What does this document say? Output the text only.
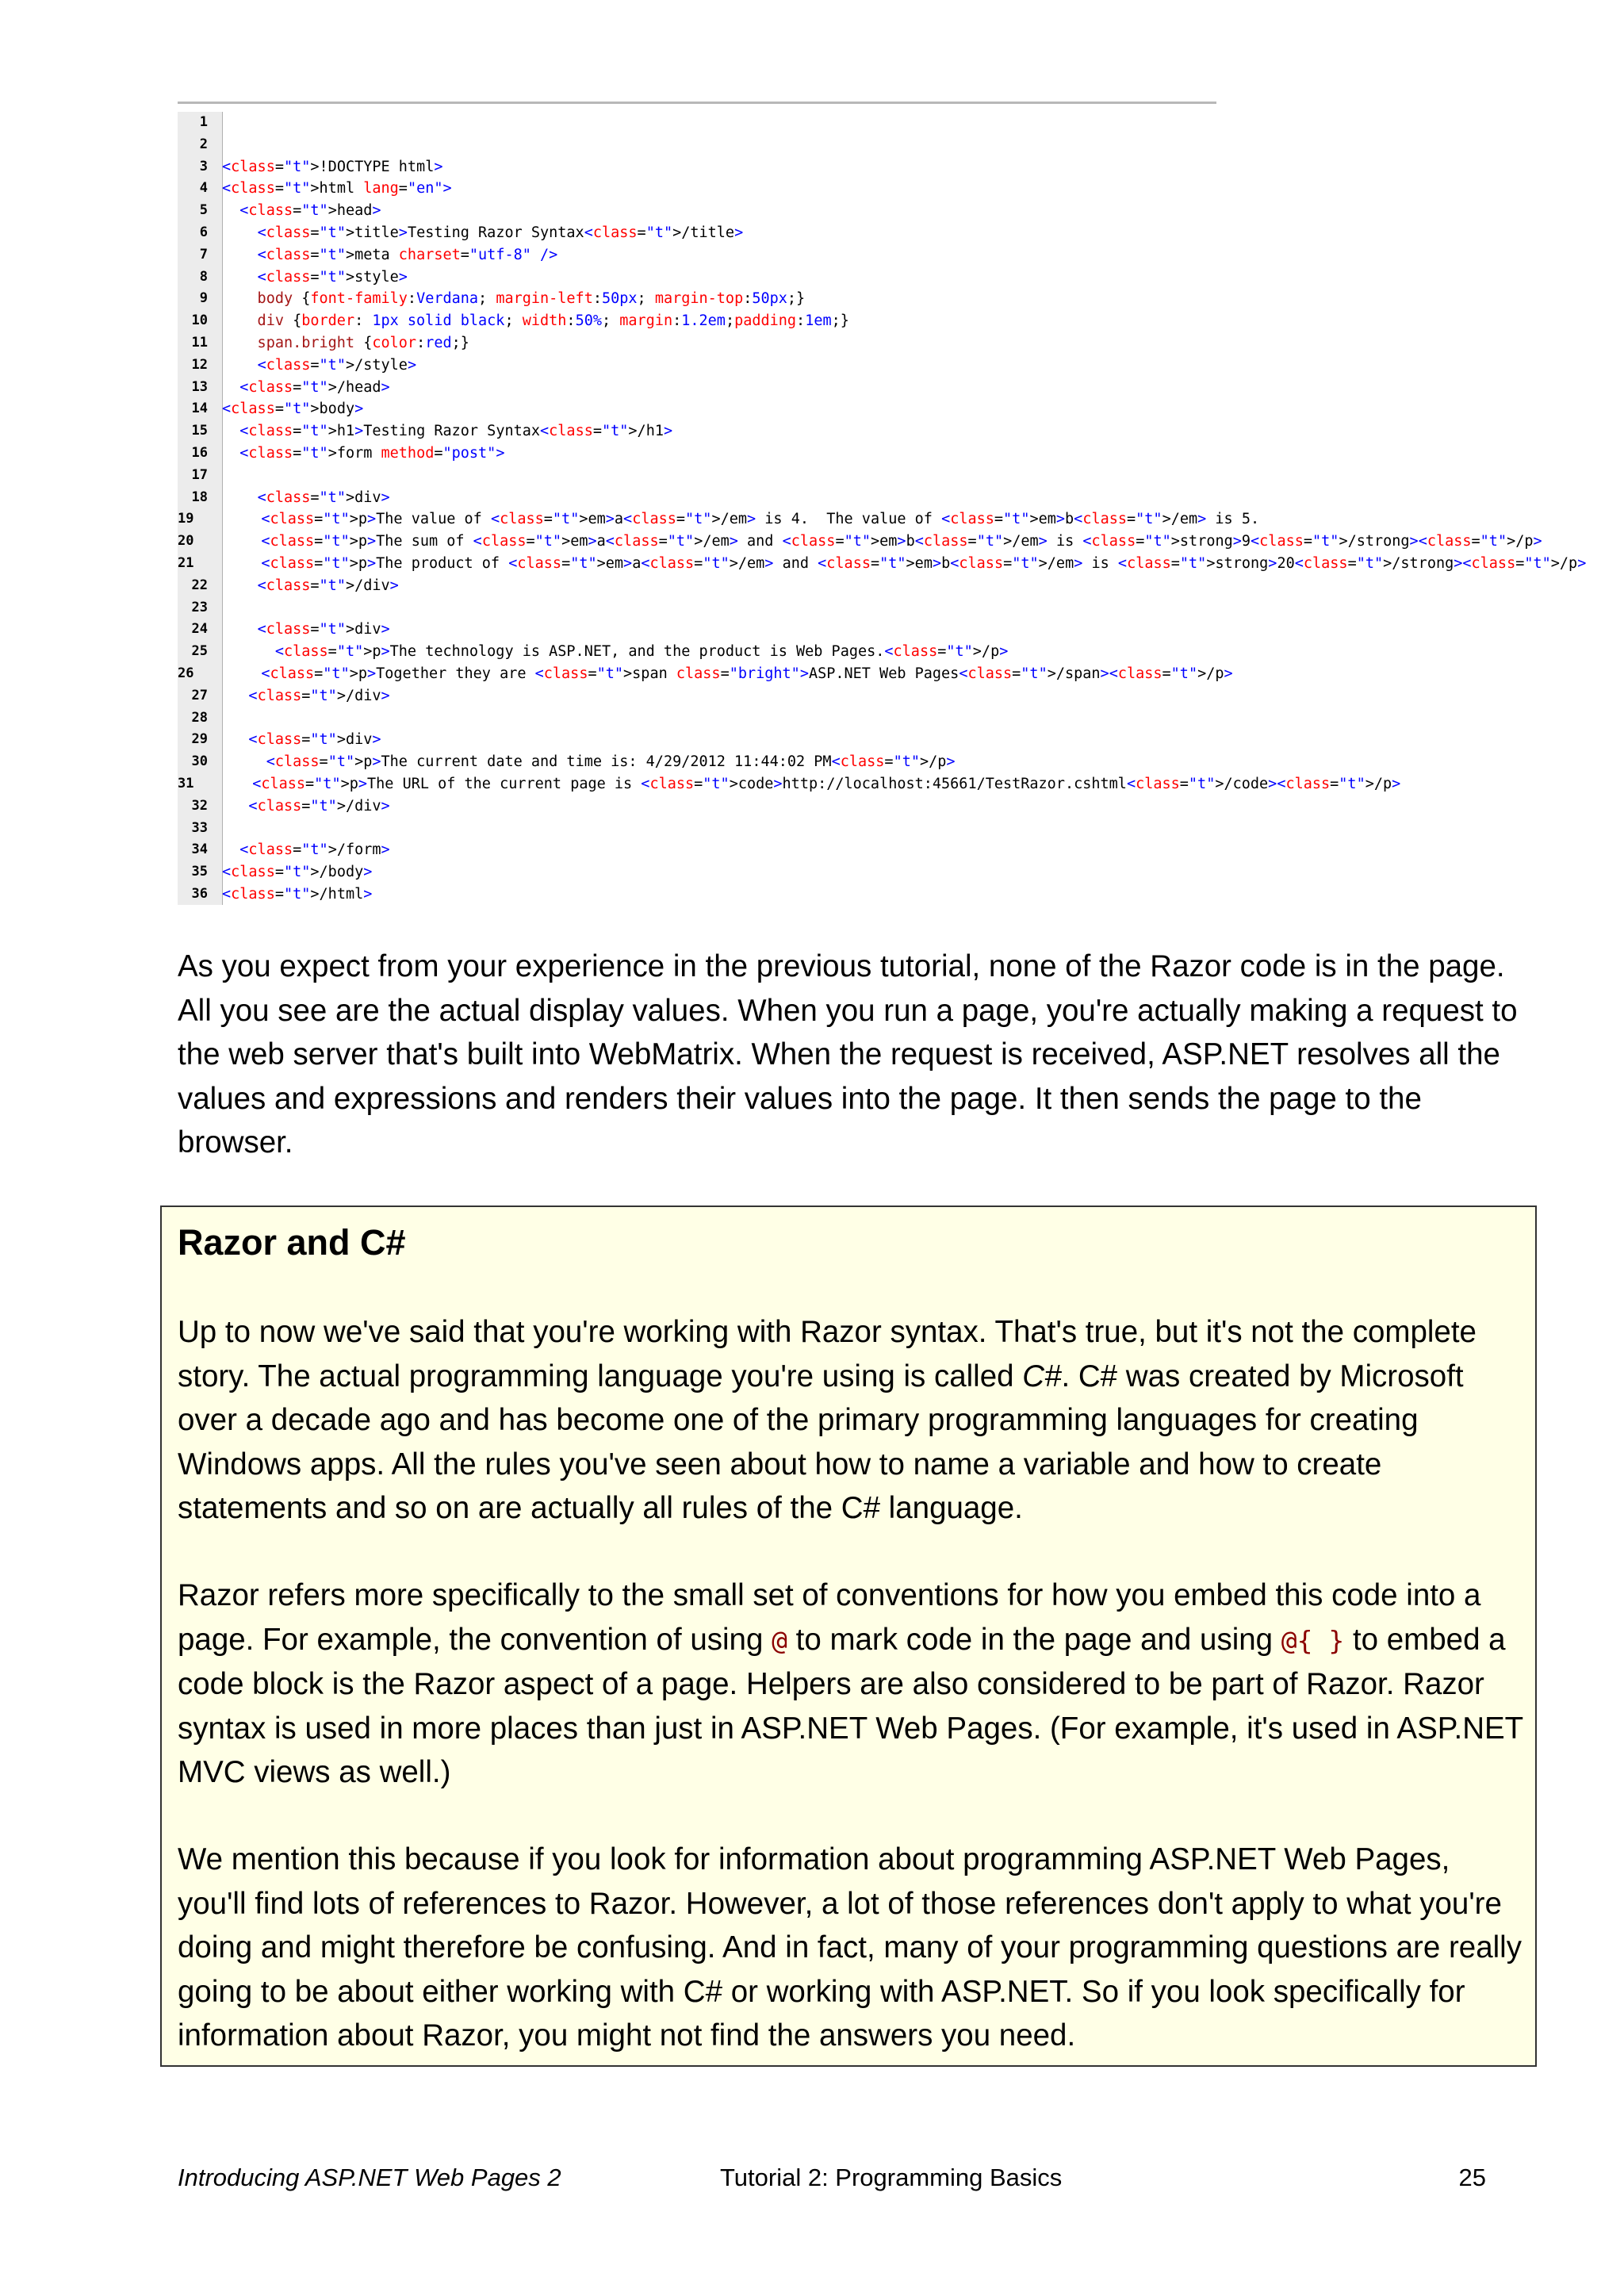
1
2
3 <class="t">!DOCTYPE html>
4 <class="t">html lang="en">
5	<class="t">head>
6	<class="t">title>Testing Razor Syntax<class="t">/title>
7	<class="t">meta charset="utf-8" />
8	<class="t">style>
9 body {font-family:Verdana; margin-left:50px; margin-top:50px;}
10 div {border: 1px solid black; width:50%; margin:1.2em;padding:1em;}
11 span.bright {color:red;}
12	<class="t">/style>
13	<class="t">/head>
14 <class="t">body>
15	<class="t">h1>Testing Razor Syntax<class="t">/h1>
16	<class="t">form method="post">
17
18	<class="t">div>
19	<class="t">p>The value of <class="t">em>a<class="t">/em> is 4.  The value of <class="t">em>b<class="t">/em> is 5.
20	<class="t">p>The sum of <class="t">em>a<class="t">/em> and <class="t">em>b<class="t">/em> is <class="t">strong>9<class="t">/strong><class="t">/p>
21	<class="t">p>The product of <class="t">em>a<class="t">/em> and <class="t">em>b<class="t">/em> is <class="t">strong>20<class="t">/strong><class="t">/p>
22	<class="t">/div>
23
24	<class="t">div>
25	<class="t">p>The technology is ASP.NET, and the product is Web Pages.<class="t">/p>
26	<class="t">p>Together they are <class="t">span class="bright">ASP.NET Web Pages<class="t">/span><class="t">/p>
27	<class="t">/div>
28
29	<class="t">div>
30	<class="t">p>The current date and time is: 4/29/2012 11:44:02 PM<class="t">/p>
31	<class="t">p>The URL of the current page is <class="t">code>http://localhost:45661/TestRazor.cshtml<class="t">/code><class="t">/p>
32	<class="t">/div>
33
34	<class="t">/form>
35 <class="t">/body>
36 <class="t">/html>

As you expect from your experience in the previous tutorial, none of the Razor code is in the page. All you see are the actual display values. When you run a page, you're actually making a request to the web server that's built into WebMatrix. When the request is received, ASP.NET resolves all the values and expressions and renders their values into the page. It then sends the page to the browser.

Razor and C#

Up to now we've said that you're working with Razor syntax. That's true, but it's not the complete story. The actual programming language you're using is called C#. C# was created by Microsoft over a decade ago and has become one of the primary programming languages for creating Windows apps. All the rules you've seen about how to name a variable and how to create statements and so on are actually all rules of the C# language.

Razor refers more specifically to the small set of conventions for how you embed this code into a page. For example, the convention of using @ to mark code in the page and using @{ } to embed a code block is the Razor aspect of a page. Helpers are also considered to be part of Razor. Razor syntax is used in more places than just in ASP.NET Web Pages. (For example, it's used in ASP.NET MVC views as well.)

We mention this because if you look for information about programming ASP.NET Web Pages, you'll find lots of references to Razor. However, a lot of those references don't apply to what you're doing and might therefore be confusing. And in fact, many of your programming questions are really going to be about either working with C# or working with ASP.NET. So if you look specifically for information about Razor, you might not find the answers you need.

Introducing ASP.NET Web Pages 2	Tutorial 2: Programming Basics	25
